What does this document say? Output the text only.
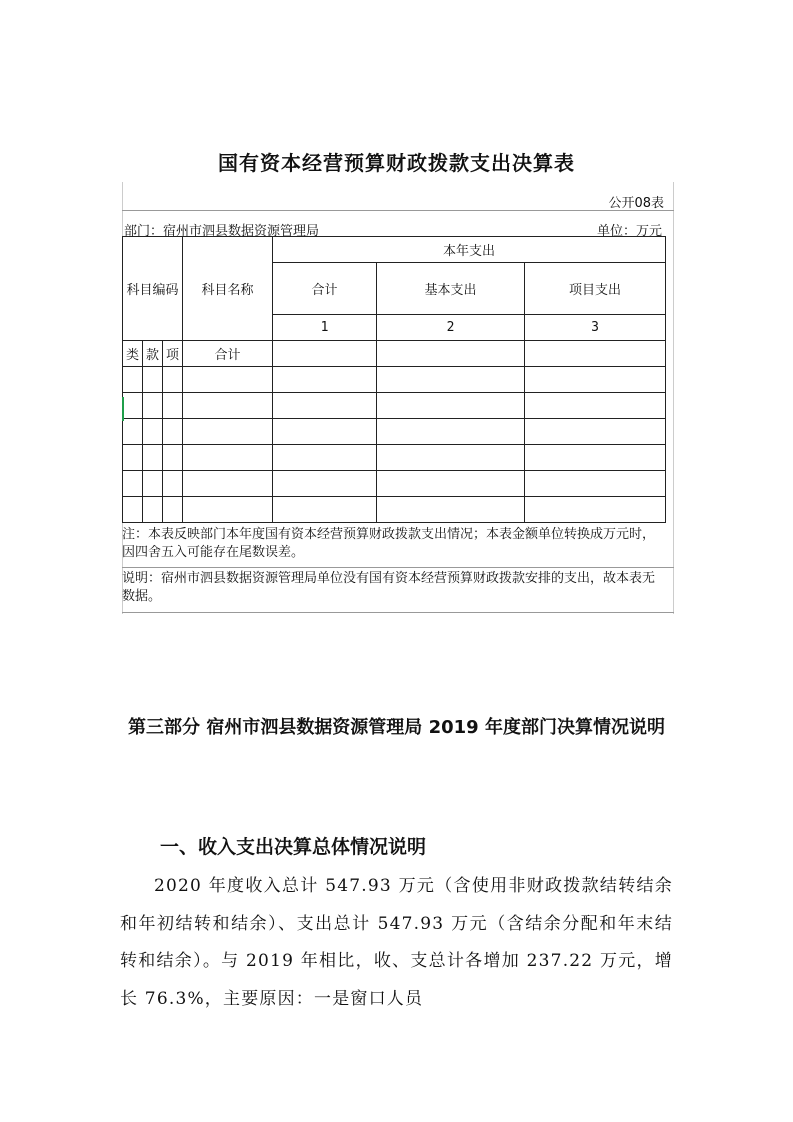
国有资本经营预算财政拨款支出决算表
公开08表
部门：宿州市泗县数据资源管理局	单位：万元
科目编码			科目名称	本年支出		
				合计	基本支出	项目支出
				1	2	3
类	款	项	合计			

注：本表反映部门本年度国有资本经营预算财政拨款支出情况；本表金额单位转换成万元时，因四舍五入可能存在尾数误差。
说明：宿州市泗县数据资源管理局单位没有国有资本经营预算财政拨款安排的支出，故本表无数据。
第三部分 宿州市泗县数据资源管理局 2019 年度部门决算情况说明
一、收入支出决算总体情况说明
2020 年度收入总计 547.93 万元（含使用非财政拨款结转结余和年初结转和结余）、支出总计 547.93 万元（含结余分配和年末结转和结余）。与 2019 年相比，收、支总计各增加 237.22 万元，增长 76.3%，主要原因：一是窗口人员
